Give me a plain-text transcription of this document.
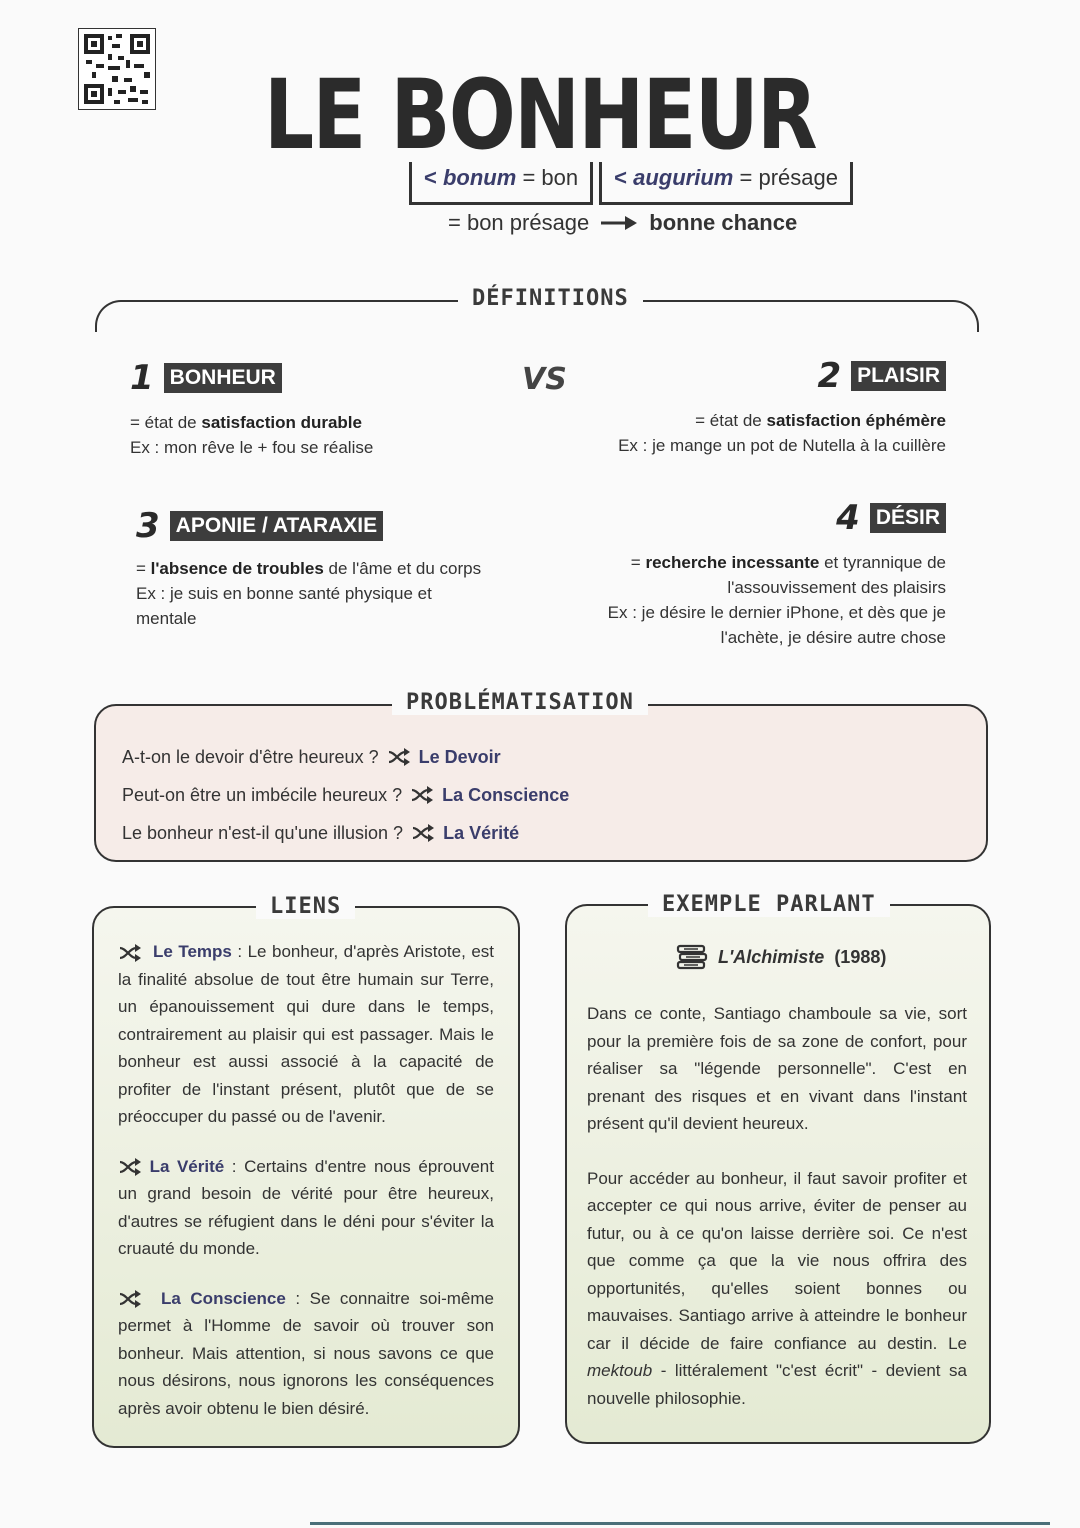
LE BONHEUR
< bonum = bon	< augurium = présage
= bon présage	bonne chance
DÉFINITIONS
VS
1 BONHEUR
= état de satisfaction durable
Ex : mon rêve le + fou se réalise
2 PLAISIR
= état de satisfaction éphémère
Ex : je mange un pot de Nutella à la cuillère
3 APONIE / ATARAXIE
= l'absence de troubles de l'âme et du corps
Ex : je suis en bonne santé physique et
mentale
4 DÉSIR
= recherche incessante et tyrannique de
l'assouvissement des plaisirs
Ex : je désire le dernier iPhone, et dès que je
l'achète, je désire autre chose
PROBLÉMATISATION
A-t-on le devoir d'être heureux ? Le Devoir
Peut-on être un imbécile heureux ? La Conscience
Le bonheur n'est-il qu'une illusion ? La Vérité
LIENS
Le Temps : Le bonheur, d'après Aristote, est la finalité absolue de tout être humain sur Terre, un épanouissement qui dure dans le temps, contrairement au plaisir qui est passager. Mais le bonheur est aussi associé à la capacité de profiter de l'instant présent, plutôt que de se préoccuper du passé ou de l'avenir.
La Vérité : Certains d'entre nous éprouvent un grand besoin de vérité pour être heureux, d'autres se réfugient dans le déni pour s'éviter la cruauté du monde.
La Conscience : Se connaitre soi-même permet à l'Homme de savoir où trouver son bonheur. Mais attention, si nous savons ce que nous désirons, nous ignorons les conséquences après avoir obtenu le bien désiré.
EXEMPLE PARLANT
L'Alchimiste (1988)
Dans ce conte, Santiago chamboule sa vie, sort pour la première fois de sa zone de confort, pour réaliser sa "légende personnelle". C'est en prenant des risques et en vivant dans l'instant présent qu'il devient heureux.
Pour accéder au bonheur, il faut savoir profiter et accepter ce qui nous arrive, éviter de penser au futur, ou à ce qu'on laisse derrière soi. Ce n'est que comme ça que la vie nous offrira des opportunités, qu'elles soient bonnes ou mauvaises. Santiago arrive à atteindre le bonheur car il décide de faire confiance au destin. Le mektoub - littéralement "c'est écrit" - devient sa nouvelle philosophie.
